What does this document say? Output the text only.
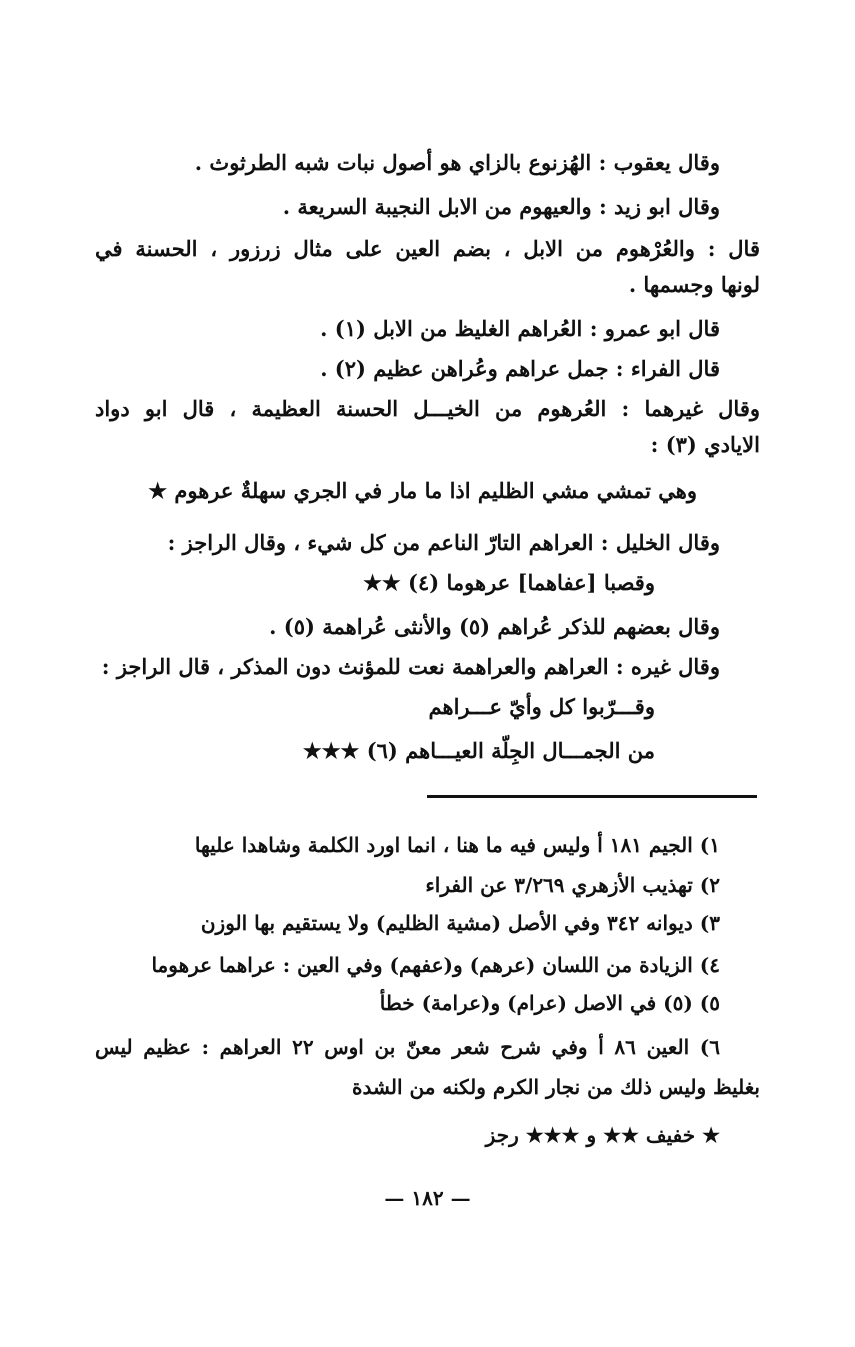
وقال يعقوب : الهُزنوع بالزاي هو أصول نبات شبه الطرثوث .
وقال ابو زيد : والعيهوم من الابل النجيبة السريعة .
قال : والعُرْهوم من الابل ، بضم العين على مثال زرزور ، الحسنة في
لونها وجسمها .
قال ابو عمرو : العُراهم الغليظ من الابل (١) .
قال الفراء : جمل عراهم وعُراهن عظيم (٢) .
وقال غيرهما : العُرهوم من الخيـــل الحسنة العظيمة ، قال ابو دواد
الايادي (٣) :
وهي تمشي مشي الظليم اذا ما مار في الجري سهلةٌ عرهوم ★
وقال الخليل : العراهم التارّ الناعم من كل شيء ، وقال الراجز :
وقصبا [عفاهما] عرهوما (٤) ★★
وقال بعضهم للذكر عُراهم (٥) والأنثى عُراهمة (٥) .
وقال غيره : العراهم والعراهمة نعت للمؤنث دون المذكر ، قال الراجز :
وقـــرّبوا كل وأيّ عـــراهم
من الجمـــال الجِلّة العيـــاهم (٦) ★★★
١) الجيم ١٨١ أ وليس فيه ما هنا ، انما اورد الكلمة وشاهدا عليها
٢) تهذيب الأزهري ٣/٢٦٩ عن الفراء
٣) ديوانه ٣٤٢ وفي الأصل (مشية الظليم) ولا يستقيم بها الوزن
٤) الزيادة من اللسان (عرهم) و(عفهم) وفي العين : عراهما عرهوما
٥) (٥) في الاصل (عرام) و(عرامة) خطأ
٦) العين ٨٦ أ وفي شرح شعر معنّ بن اوس ٢٢ العراهم : عظيم ليس
بغليظ وليس ذلك من نجار الكرم ولكنه من الشدة
★ خفيف ★★ و ★★★ رجز
— ١٨٢ —
